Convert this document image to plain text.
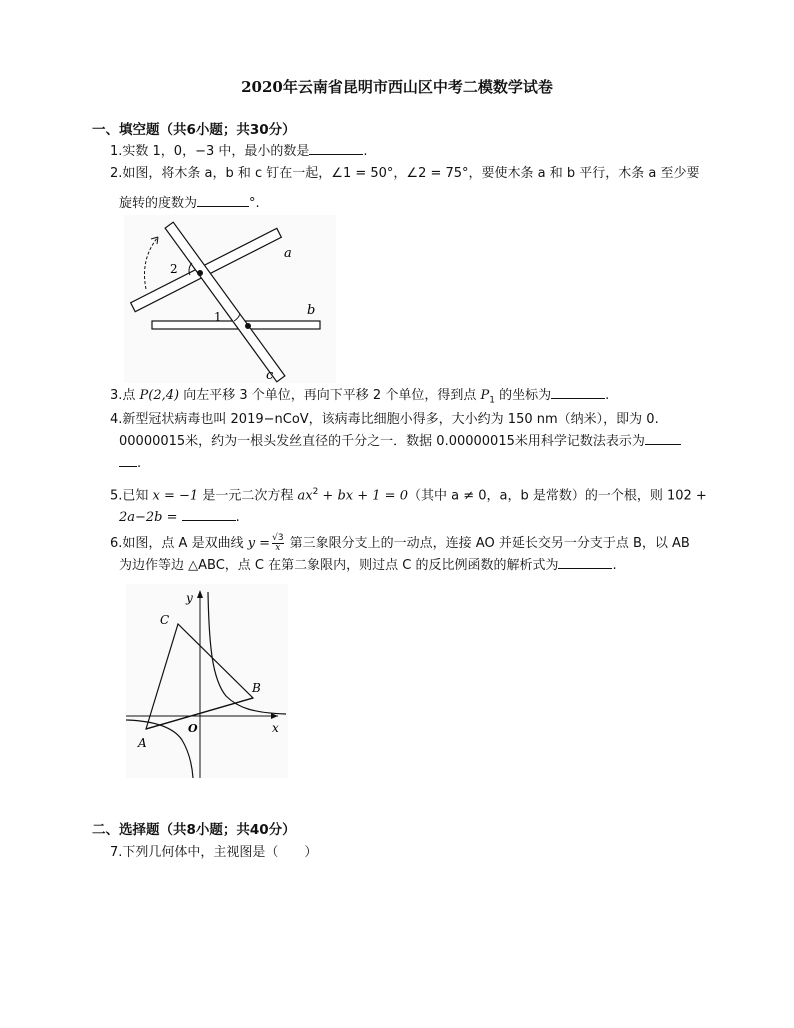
2020年云南省昆明市西山区中考二模数学试卷
一、填空题（共6小题；共30分）
1.实数 1，0，−3 中，最小的数是	.
2.如图，将木条 a，b 和 c 钉在一起，∠1 = 50°，∠2 = 75°，要使木条 a 和 b 平行，木条 a 至少要
旋转的度数为	°.
2
1
a
b
c
3.点 P(2,4) 向左平移 3 个单位，再向下平移 2 个单位，得到点 $P_1$ 的坐标为	.
4.新型冠状病毒也叫 2019−nCoV，该病毒比细胞小得多，大小约为 150 nm（纳米），即为 0.
00000015米，约为一根头发丝直径的千分之一．数据 0.00000015米用科学记数法表示为
.
5.已知 x = −1 是一元二次方程 $ax^2$ + bx + 1 = 0（其中 a ≠ 0，a，b 是常数）的一个根，则 102 +
2a−2b =	.
6.如图，点 A 是双曲线 $y = \frac{√3}{x}$ 第三象限分支上的一动点，连接 AO 并延长交另一分支于点 B，以 AB
为边作等边 △ABC，点 C 在第二象限内，则过点 C 的反比例函数的解析式为	.
y
x
O
A
B
C
二、选择题（共8小题；共40分）
7.下列几何体中，主视图是（　　）
